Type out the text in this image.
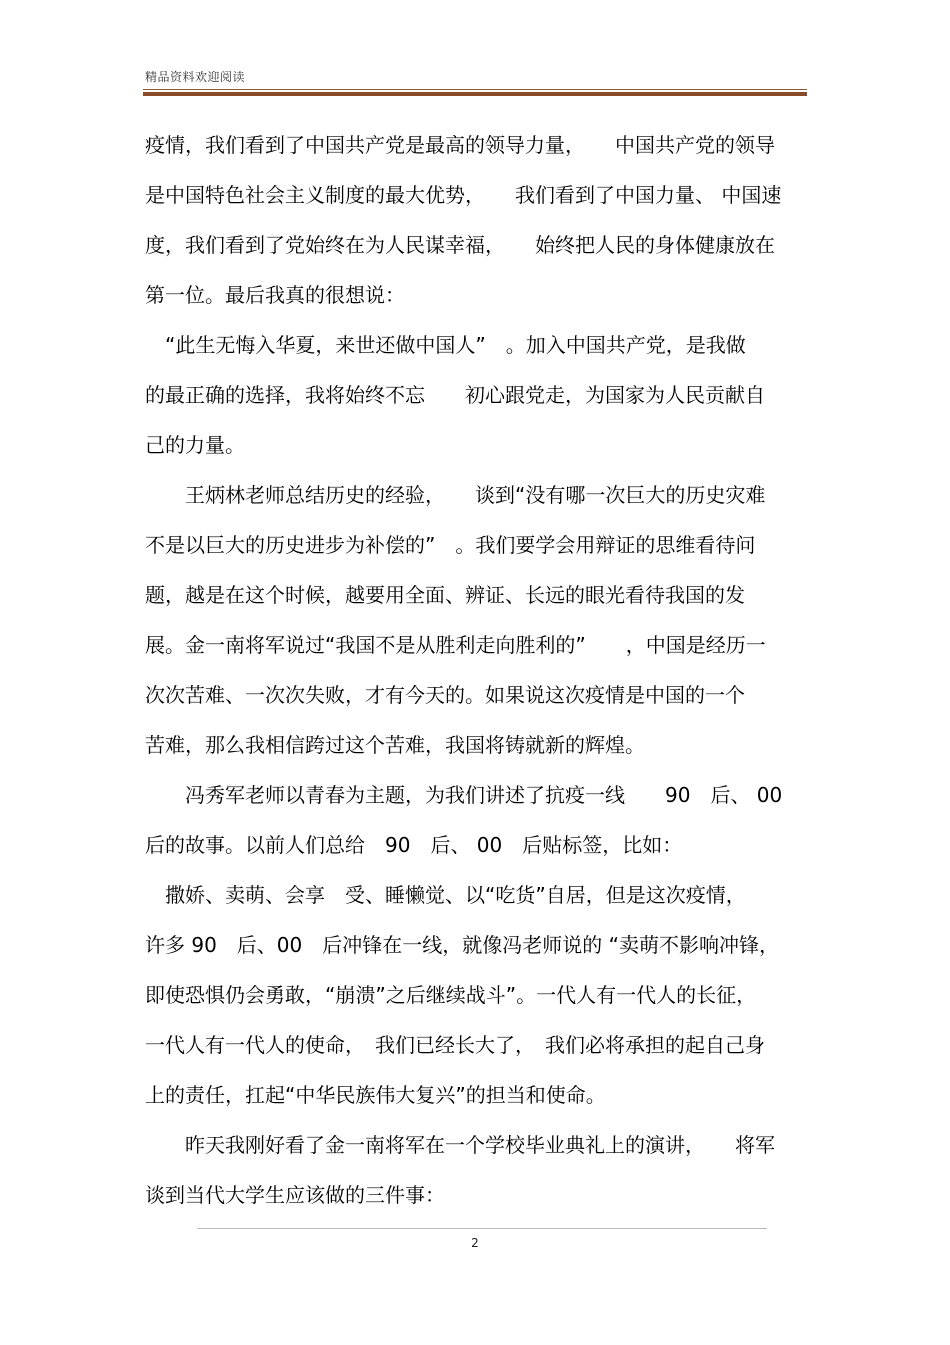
精品资料欢迎阅读
疫情，我们看到了中国共产党是最高的领导力量，　　中国共产党的领导
是中国特色社会主义制度的最大优势，　　我们看到了中国力量、 中国速
度，我们看到了党始终在为人民谋幸福，　　始终把人民的身体健康放在
第一位。最后我真的很想说：
　“此生无悔入华夏，来世还做中国人”　。加入中国共产党，是我做
的最正确的选择，我将始终不忘　　初心跟党走，为国家为人民贡献自
己的力量。
　　王炳林老师总结历史的经验，　　谈到“没有哪一次巨大的历史灾难
不是以巨大的历史进步为补偿的”　。我们要学会用辩证的思维看待问
题，越是在这个时候，越要用全面、辨证、长远的眼光看待我国的发
展。金一南将军说过“我国不是从胜利走向胜利的”　　，中国是经历一
次次苦难、一次次失败，才有今天的。如果说这次疫情是中国的一个
苦难，那么我相信跨过这个苦难，我国将铸就新的辉煌。
　　冯秀军老师以青春为主题，为我们讲述了抗疫一线　　90　后、 00
后的故事。以前人们总给　90　后、 00　后贴标签，比如：
　撒娇、卖萌、会享　受、睡懒觉、以“吃货”自居，但是这次疫情，
许多 90　后、00　后冲锋在一线，就像冯老师说的 “卖萌不影响冲锋，
即使恐惧仍会勇敢，“崩溃”之后继续战斗”。一代人有一代人的长征，
一代人有一代人的使命，　我们已经长大了，　我们必将承担的起自己身
上的责任，扛起“中华民族伟大复兴”的担当和使命。
　　昨天我刚好看了金一南将军在一个学校毕业典礼上的演讲，　　将军
谈到当代大学生应该做的三件事：
2
